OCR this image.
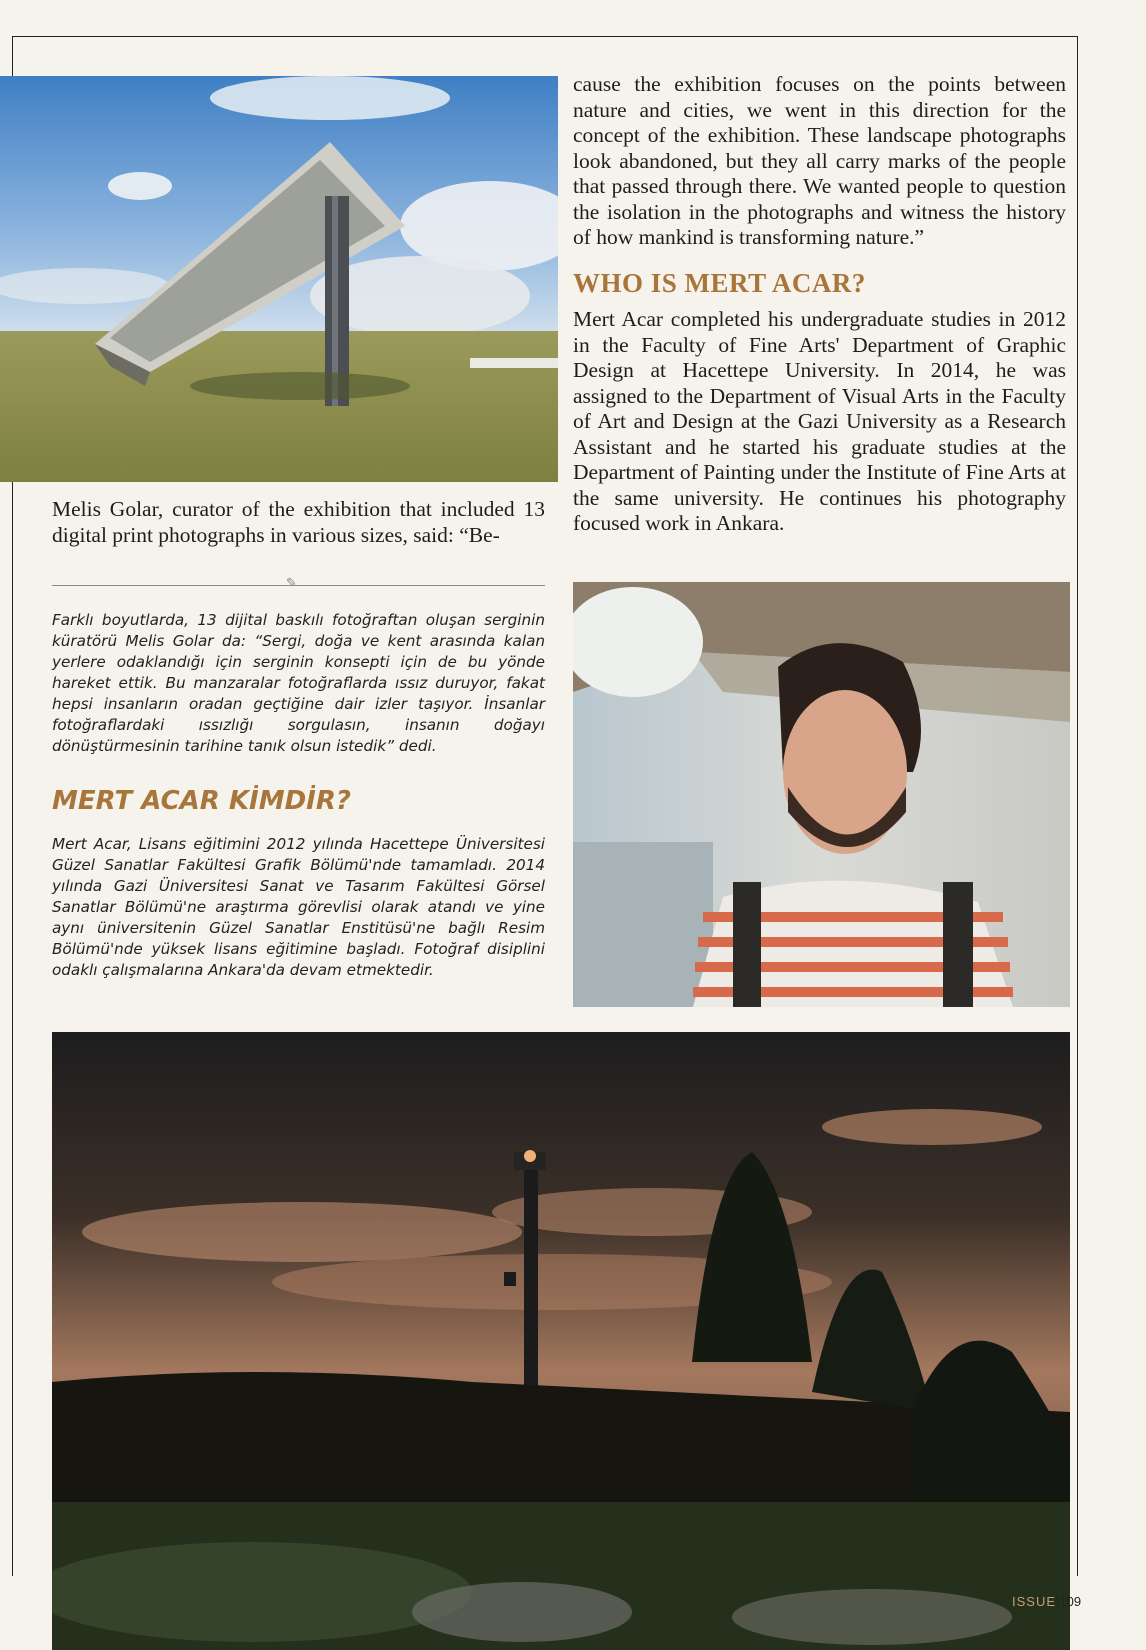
Melis Golar, curator of the exhibition that included 13 digital print photographs in various sizes, said: “Be-

cause the exhibition focuses on the points between nature and cities, we went in this direction for the concept of the exhibition. These landscape photographs look abandoned, but they all carry marks of the people that passed through there. We wanted people to question the isolation in the photographs and witness the history of how mankind is transforming nature.”

WHO IS MERT ACAR?

Mert Acar completed his undergraduate studies in 2012 in the Faculty of Fine Arts' Department of Graphic Design at Hacettepe University. In 2014, he was assigned to the Department of Visual Arts in the Faculty of Art and Design at the Gazi University as a Research Assistant and he started his graduate studies at the Department of Painting under the Institute of Fine Arts at the same university. He continues his photography focused work in Ankara.

✎

Farklı boyutlarda, 13 dijital baskılı fotoğraftan oluşan serginin küratörü Melis Golar da: “Sergi, doğa ve kent arasında kalan yerlere odaklandığı için serginin konsepti için de bu yönde hareket ettik. Bu manzaralar fotoğraflarda ıssız duruyor, fakat hepsi insanların oradan geçtiğine dair izler taşıyor. İnsanlar fotoğraflardaki ıssızlığı sorgulasın, insanın doğayı dönüştürmesinin tarihine tanık olsun istedik” dedi.

MERT ACAR KİMDİR?

Mert Acar, Lisans eğitimini 2012 yılında Hacettepe Üniversitesi Güzel Sanatlar Fakültesi Grafik Bölümü'nde tamamladı. 2014 yılında Gazi Üniversitesi Sanat ve Tasarım Fakültesi Görsel Sanatlar Bölümü'ne araştırma görevlisi olarak atandı ve yine aynı üniversitenin Güzel Sanatlar Enstitüsü'ne bağlı Resim Bölümü'nde yüksek lisans eğitimine başladı. Fotoğraf disiplini odaklı çalışmalarına Ankara'da devam etmektedir.

ISSUE|109
